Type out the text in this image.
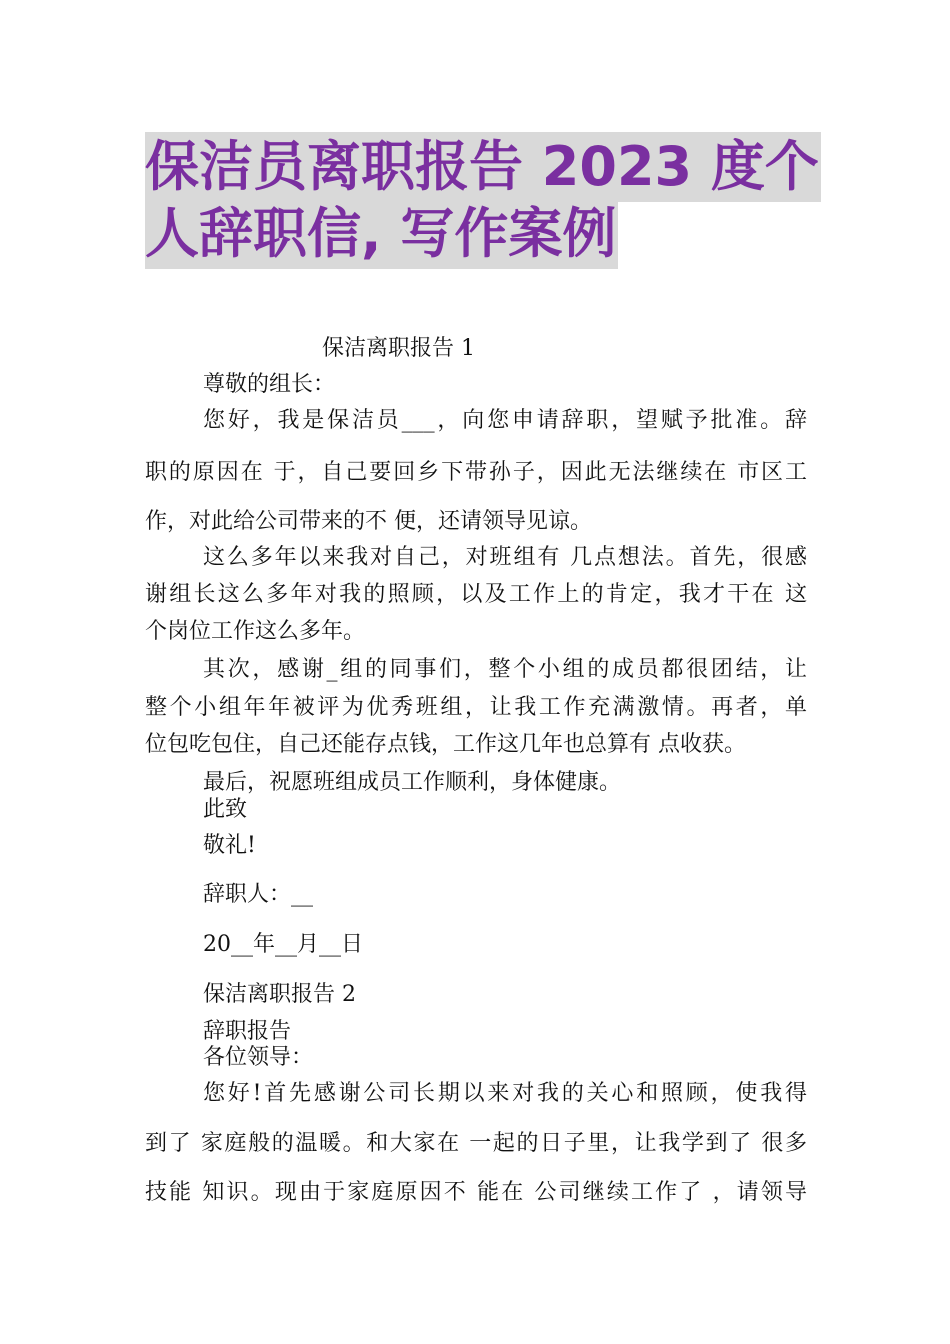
保洁员离职报告 2023 度个
人辞职信, 写作案例

保洁离职报告 1

尊敬的组长：

您好，我是保洁员___，向您申请辞职，望赋予批准。辞

职的原因在 于，自己要回乡下带孙子，因此无法继续在 市区工

作，对此给公司带来的不 便，还请领导见谅。

这么多年以来我对自己，对班组有 几点想法。首先，很感

谢组长这么多年对我的照顾，以及工作上的肯定，我才干在 这

个岗位工作这么多年。

其次，感谢_组的同事们，整个小组的成员都很团结，让

整个小组年年被评为优秀班组，让我工作充满激情。再者，单

位包吃包住，自己还能存点钱，工作这几年也总算有 点收获。

最后，祝愿班组成员工作顺利，身体健康。

此致

敬礼!

辞职人：__

20__年__月__日

保洁离职报告 2

辞职报告

各位领导：

您好!首先感谢公司长期以来对我的关心和照顾，使我得

到了 家庭般的温暖。和大家在 一起的日子里，让我学到了 很多

技能 知识。现由于家庭原因不 能在 公司继续工作了 ，请领导
